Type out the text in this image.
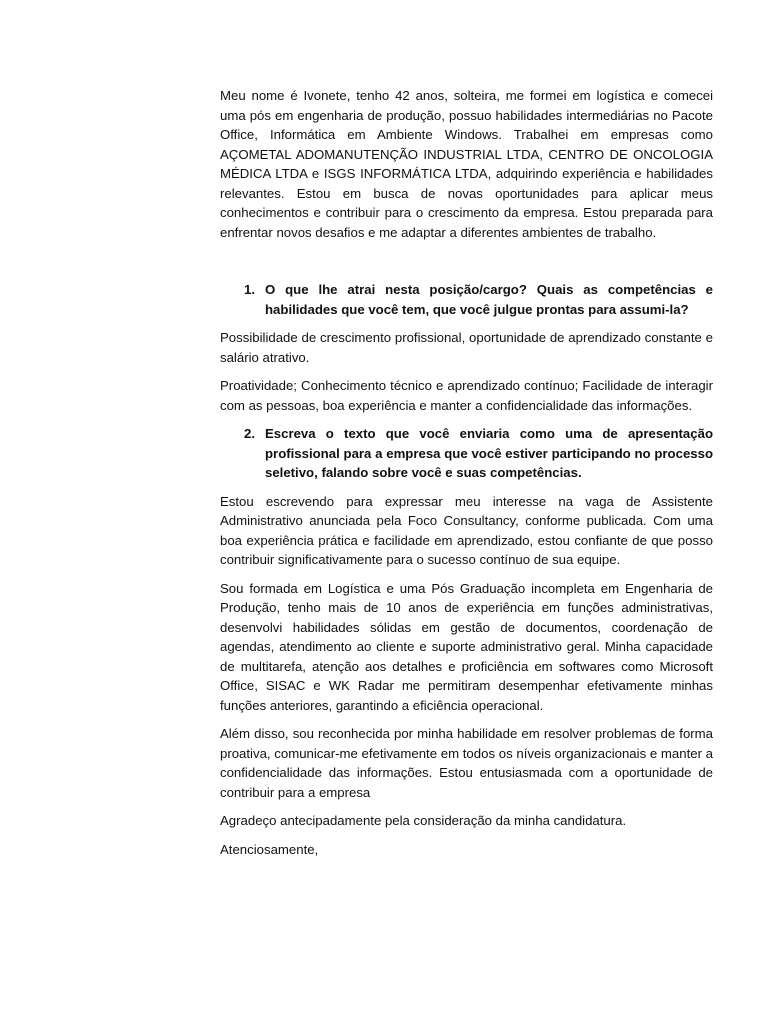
Meu nome é Ivonete, tenho 42 anos, solteira, me formei em logística e comecei uma pós em engenharia de produção, possuo habilidades intermediárias no Pacote Office, Informática em Ambiente Windows. Trabalhei em empresas como AÇOMETAL ADOMANUTENÇÃO INDUSTRIAL LTDA, CENTRO DE ONCOLOGIA MÉDICA LTDA e ISGS INFORMÁTICA LTDA, adquirindo experiência e habilidades relevantes. Estou em busca de novas oportunidades para aplicar meus conhecimentos e contribuir para o crescimento da empresa. Estou preparada para enfrentar novos desafios e me adaptar a diferentes ambientes de trabalho.

1. O que lhe atrai nesta posição/cargo? Quais as competências e habilidades que você tem, que você julgue prontas para assumi-la?

Possibilidade de crescimento profissional, oportunidade de aprendizado constante e salário atrativo.

Proatividade; Conhecimento técnico e aprendizado contínuo; Facilidade de interagir com as pessoas, boa experiência e manter a confidencialidade das informações.

2. Escreva o texto que você enviaria como uma de apresentação profissional para a empresa que você estiver participando no processo seletivo, falando sobre você e suas competências.

Estou escrevendo para expressar meu interesse na vaga de Assistente Administrativo anunciada pela Foco Consultancy, conforme publicada. Com uma boa experiência prática e facilidade em aprendizado, estou confiante de que posso contribuir significativamente para o sucesso contínuo de sua equipe.

Sou formada em Logística e uma Pós Graduação incompleta em Engenharia de Produção, tenho mais de 10 anos de experiência em funções administrativas, desenvolvi habilidades sólidas em gestão de documentos, coordenação de agendas, atendimento ao cliente e suporte administrativo geral. Minha capacidade de multitarefa, atenção aos detalhes e proficiência em softwares como Microsoft Office, SISAC e WK Radar me permitiram desempenhar efetivamente minhas funções anteriores, garantindo a eficiência operacional.

Além disso, sou reconhecida por minha habilidade em resolver problemas de forma proativa, comunicar-me efetivamente em todos os níveis organizacionais e manter a confidencialidade das informações. Estou entusiasmada com a oportunidade de contribuir para a empresa

Agradeço antecipadamente pela consideração da minha candidatura.

Atenciosamente,
